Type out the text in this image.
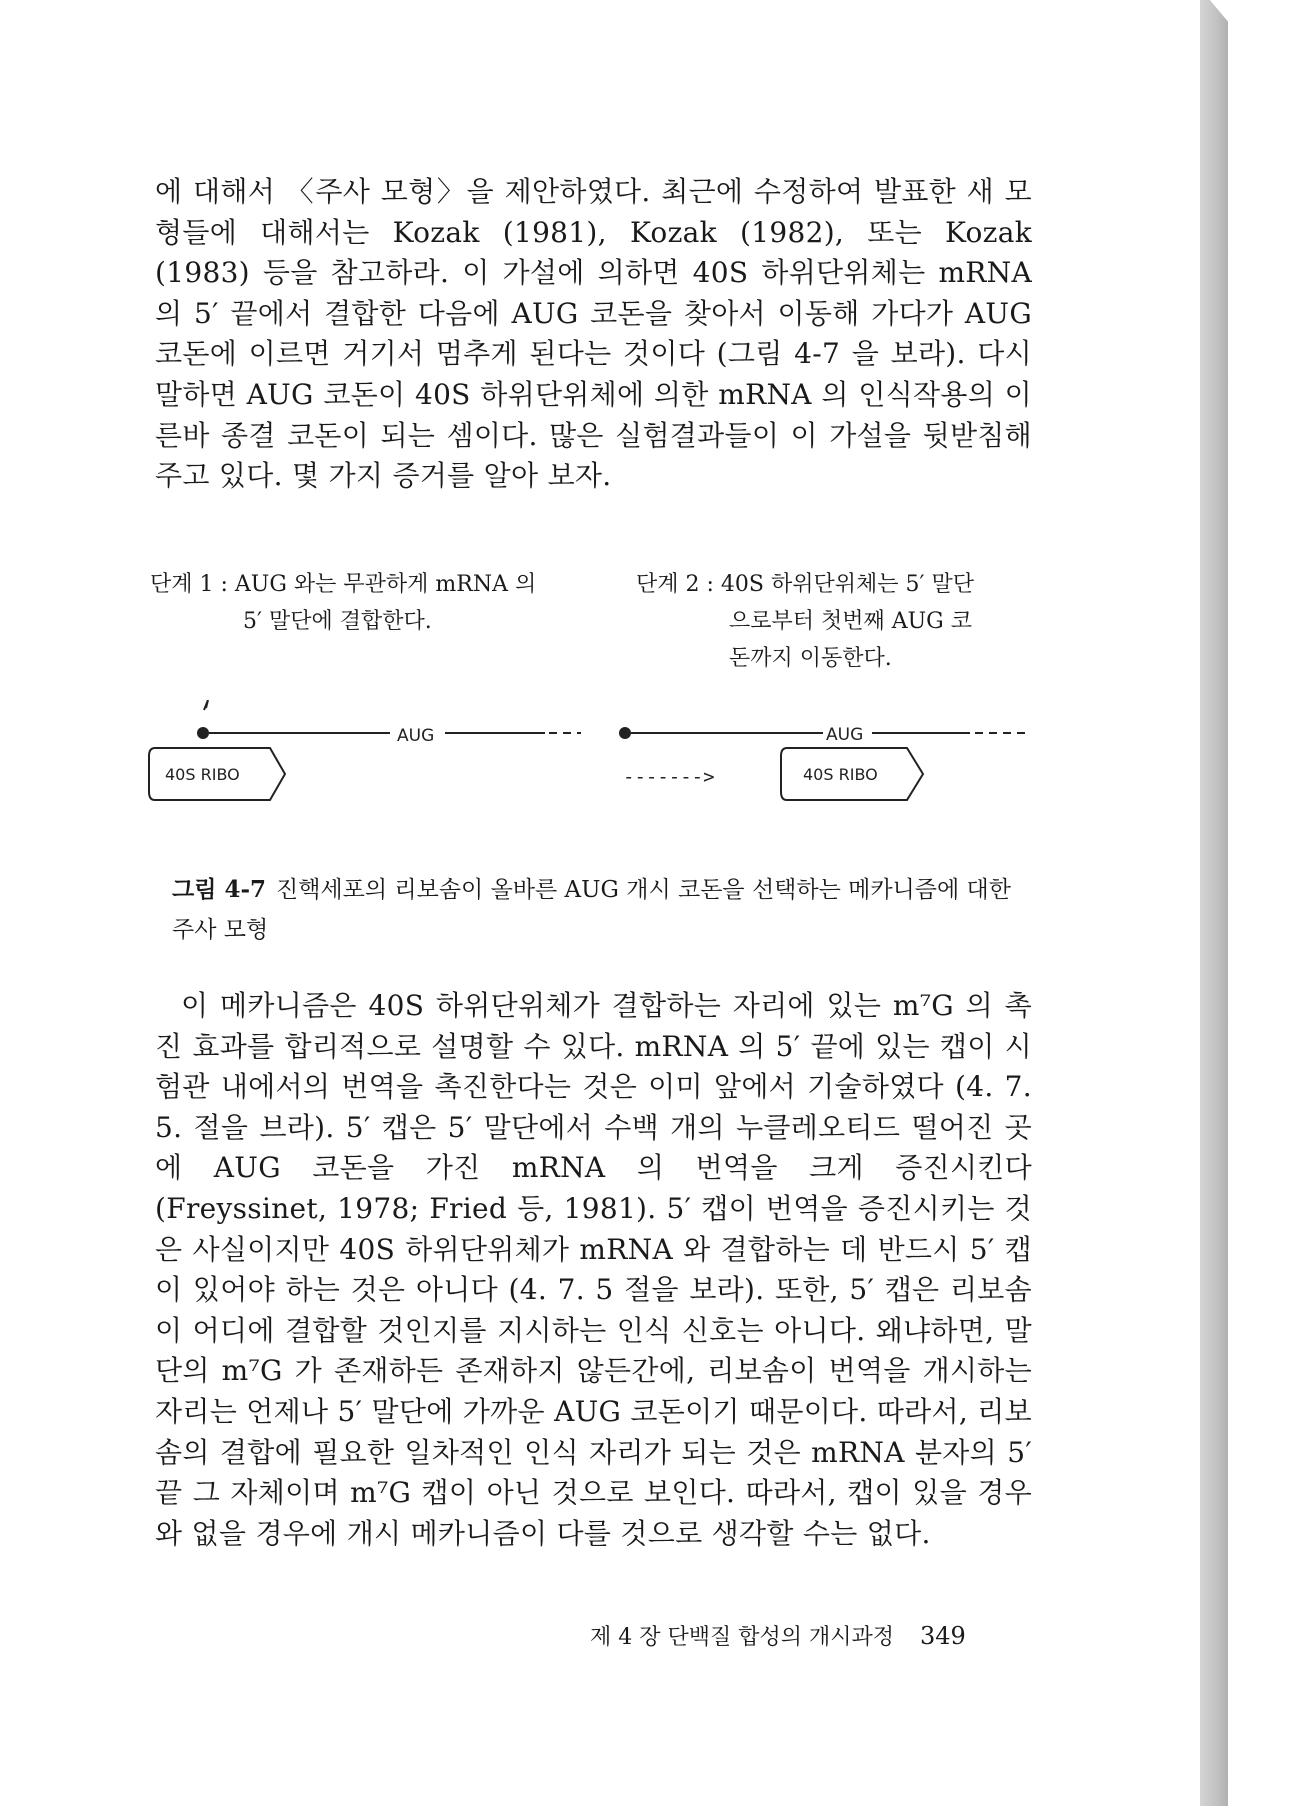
에 대해서 〈주사 모형〉을 제안하였다. 최근에 수정하여 발표한 새 모형들에 대해서는 Kozak (1981), Kozak (1982), 또는 Kozak (1983) 등을 참고하라. 이 가설에 의하면 40S 하위단위체는 mRNA 의 5′ 끝에서 결합한 다음에 AUG 코돈을 찾아서 이동해 가다가 AUG 코돈에 이르면 거기서 멈추게 된다는 것이다 (그림 4-7 을 보라). 다시 말하면 AUG 코돈이 40S 하위단위체에 의한 mRNA 의 인식작용의 이른바 종결 코돈이 되는 셈이다. 많은 실험결과들이 이 가설을 뒷받침해 주고 있다. 몇 가지 증거를 알아 보자.

단계 1 : AUG 와는 무관하게 mRNA 의
5′ 말단에 결합한다.
단계 2 : 40S 하위단위체는 5′ 말단
으로부터 첫번째 AUG 코
돈까지 이동한다.
AUG
40S RIBO
AUG
------->	40S RIBO

그림 4-7 진핵세포의 리보솜이 올바른 AUG 개시 코돈을 선택하는 메카니즘에 대한 주사 모형

이 메카니즘은 40S 하위단위체가 결합하는 자리에 있는 m⁷G 의 촉진 효과를 합리적으로 설명할 수 있다. mRNA 의 5′ 끝에 있는 캡이 시험관 내에서의 번역을 촉진한다는 것은 이미 앞에서 기술하였다 (4. 7. 5. 절을 브라). 5′ 캡은 5′ 말단에서 수백 개의 누클레오티드 떨어진 곳에 AUG 코돈을 가진 mRNA 의 번역을 크게 증진시킨다 (Freyssinet, 1978; Fried 등, 1981). 5′ 캡이 번역을 증진시키는 것은 사실이지만 40S 하위단위체가 mRNA 와 결합하는 데 반드시 5′ 캡이 있어야 하는 것은 아니다 (4. 7. 5 절을 보라). 또한, 5′ 캡은 리보솜이 어디에 결합할 것인지를 지시하는 인식 신호는 아니다. 왜냐하면, 말단의 m⁷G 가 존재하든 존재하지 않든간에, 리보솜이 번역을 개시하는 자리는 언제나 5′ 말단에 가까운 AUG 코돈이기 때문이다. 따라서, 리보솜의 결합에 필요한 일차적인 인식 자리가 되는 것은 mRNA 분자의 5′ 끝 그 자체이며 m⁷G 캡이 아닌 것으로 보인다. 따라서, 캡이 있을 경우와 없을 경우에 개시 메카니즘이 다를 것으로 생각할 수는 없다.

제 4 장 단백질 합성의 개시과정 349
